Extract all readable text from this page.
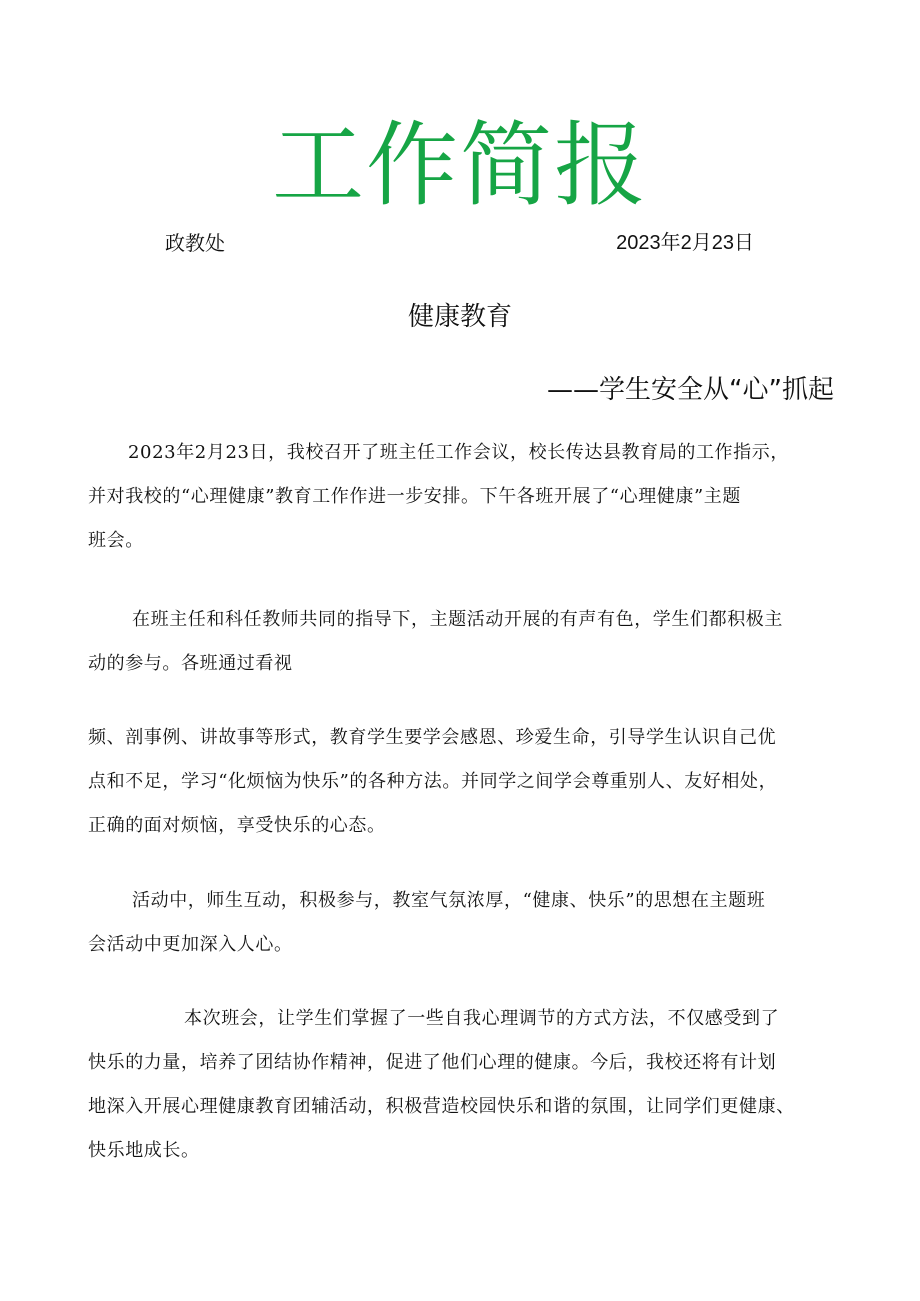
工作简报
政教处	2023年2月23日
健康教育
——学生安全从“心”抓起
2023年2月23日，我校召开了班主任工作会议，校长传达县教育局的工作指示，
并对我校的“心理健康”教育工作作进一步安排。下午各班开展了“心理健康”主题
班会。
在班主任和科任教师共同的指导下，主题活动开展的有声有色，学生们都积极主
动的参与。各班通过看视
频、剖事例、讲故事等形式，教育学生要学会感恩、珍爱生命，引导学生认识自己优
点和不足，学习“化烦恼为快乐”的各种方法。并同学之间学会尊重别人、友好相处，
正确的面对烦恼，享受快乐的心态。
活动中，师生互动，积极参与，教室气氛浓厚，“健康、快乐”的思想在主题班
会活动中更加深入人心。
本次班会，让学生们掌握了一些自我心理调节的方式方法，不仅感受到了
快乐的力量，培养了团结协作精神，促进了他们心理的健康。今后，我校还将有计划
地深入开展心理健康教育团辅活动，积极营造校园快乐和谐的氛围，让同学们更健康、
快乐地成长。
